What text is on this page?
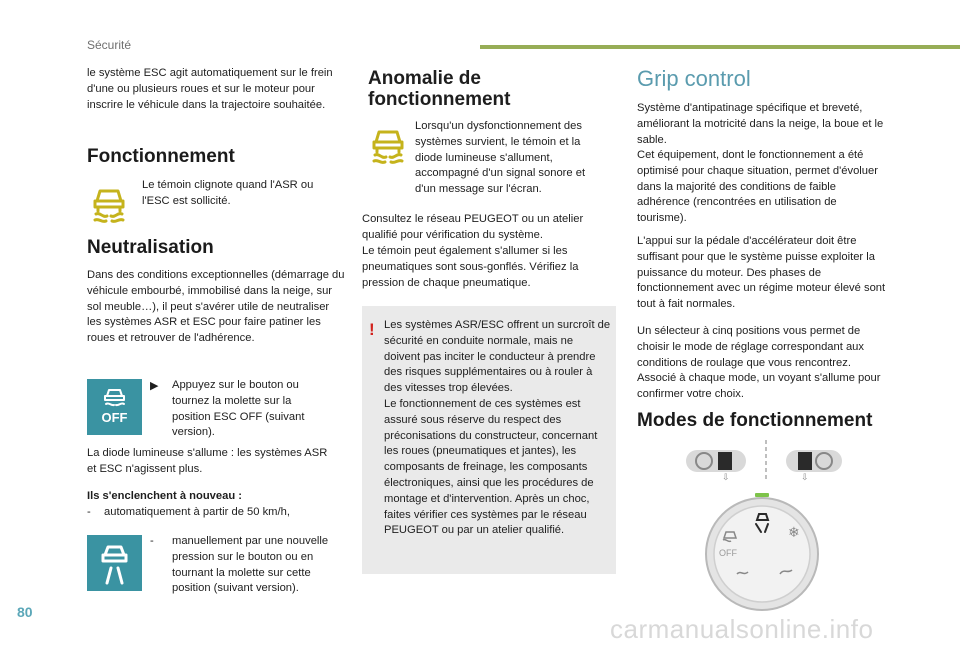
Sécurité

le système ESC agit automatiquement sur le frein d'une ou plusieurs roues et sur le moteur pour inscrire le véhicule dans la trajectoire souhaitée.

Fonctionnement

Le témoin clignote quand l'ASR ou l'ESC est sollicité.

Neutralisation

Dans des conditions exceptionnelles (démarrage du véhicule embourbé, immobilisé dans la neige, sur sol meuble…), il peut s'avérer utile de neutraliser les systèmes ASR et ESC pour faire patiner les roues et retrouver de l'adhérence.

OFF
▶ Appuyez sur le bouton ou tournez la molette sur la position ESC OFF (suivant version).

La diode lumineuse s'allume : les systèmes ASR et ESC n'agissent plus.

Ils s'enclenchent à nouveau :
- automatiquement à partir de 50 km/h,
- manuellement par une nouvelle pression sur le bouton ou en tournant la molette sur cette position (suivant version).

Anomalie de
fonctionnement

Lorsqu'un dysfonctionnement des systèmes survient, le témoin et la diode lumineuse s'allument, accompagné d'un signal sonore et d'un message sur l'écran.

Consultez le réseau PEUGEOT ou un atelier qualifié pour vérification du système.

Le témoin peut également s'allumer si les pneumatiques sont sous-gonflés. Vérifiez la pression de chaque pneumatique.

! Les systèmes ASR/ESC offrent un surcroît de sécurité en conduite normale, mais ne doivent pas inciter le conducteur à prendre des risques supplémentaires ou à rouler à des vitesses trop élevées.

Le fonctionnement de ces systèmes est assuré sous réserve du respect des préconisations du constructeur, concernant les roues (pneumatiques et jantes), les composants de freinage, les composants électroniques, ainsi que les procédures de montage et d'intervention. Après un choc, faites vérifier ces systèmes par le réseau PEUGEOT ou par un atelier qualifié.

Grip control

Système d'antipatinage spécifique et breveté, améliorant la motricité dans la neige, la boue et le sable.

Cet équipement, dont le fonctionnement a été optimisé pour chaque situation, permet d'évoluer dans la majorité des conditions de faible adhérence (rencontrées en utilisation de tourisme).

L'appui sur la pédale d'accélérateur doit être suffisant pour que le système puisse exploiter la puissance du moteur. Des phases de fonctionnement avec un régime moteur élevé sont tout à fait normales.

Un sélecteur à cinq positions vous permet de choisir le mode de réglage correspondant aux conditions de roulage que vous rencontrez. Associé à chaque mode, un voyant s'allume pour confirmer votre choix.

Modes de fonctionnement
⇩	⇩
OFF
❄
80
carmanualsonline.info
